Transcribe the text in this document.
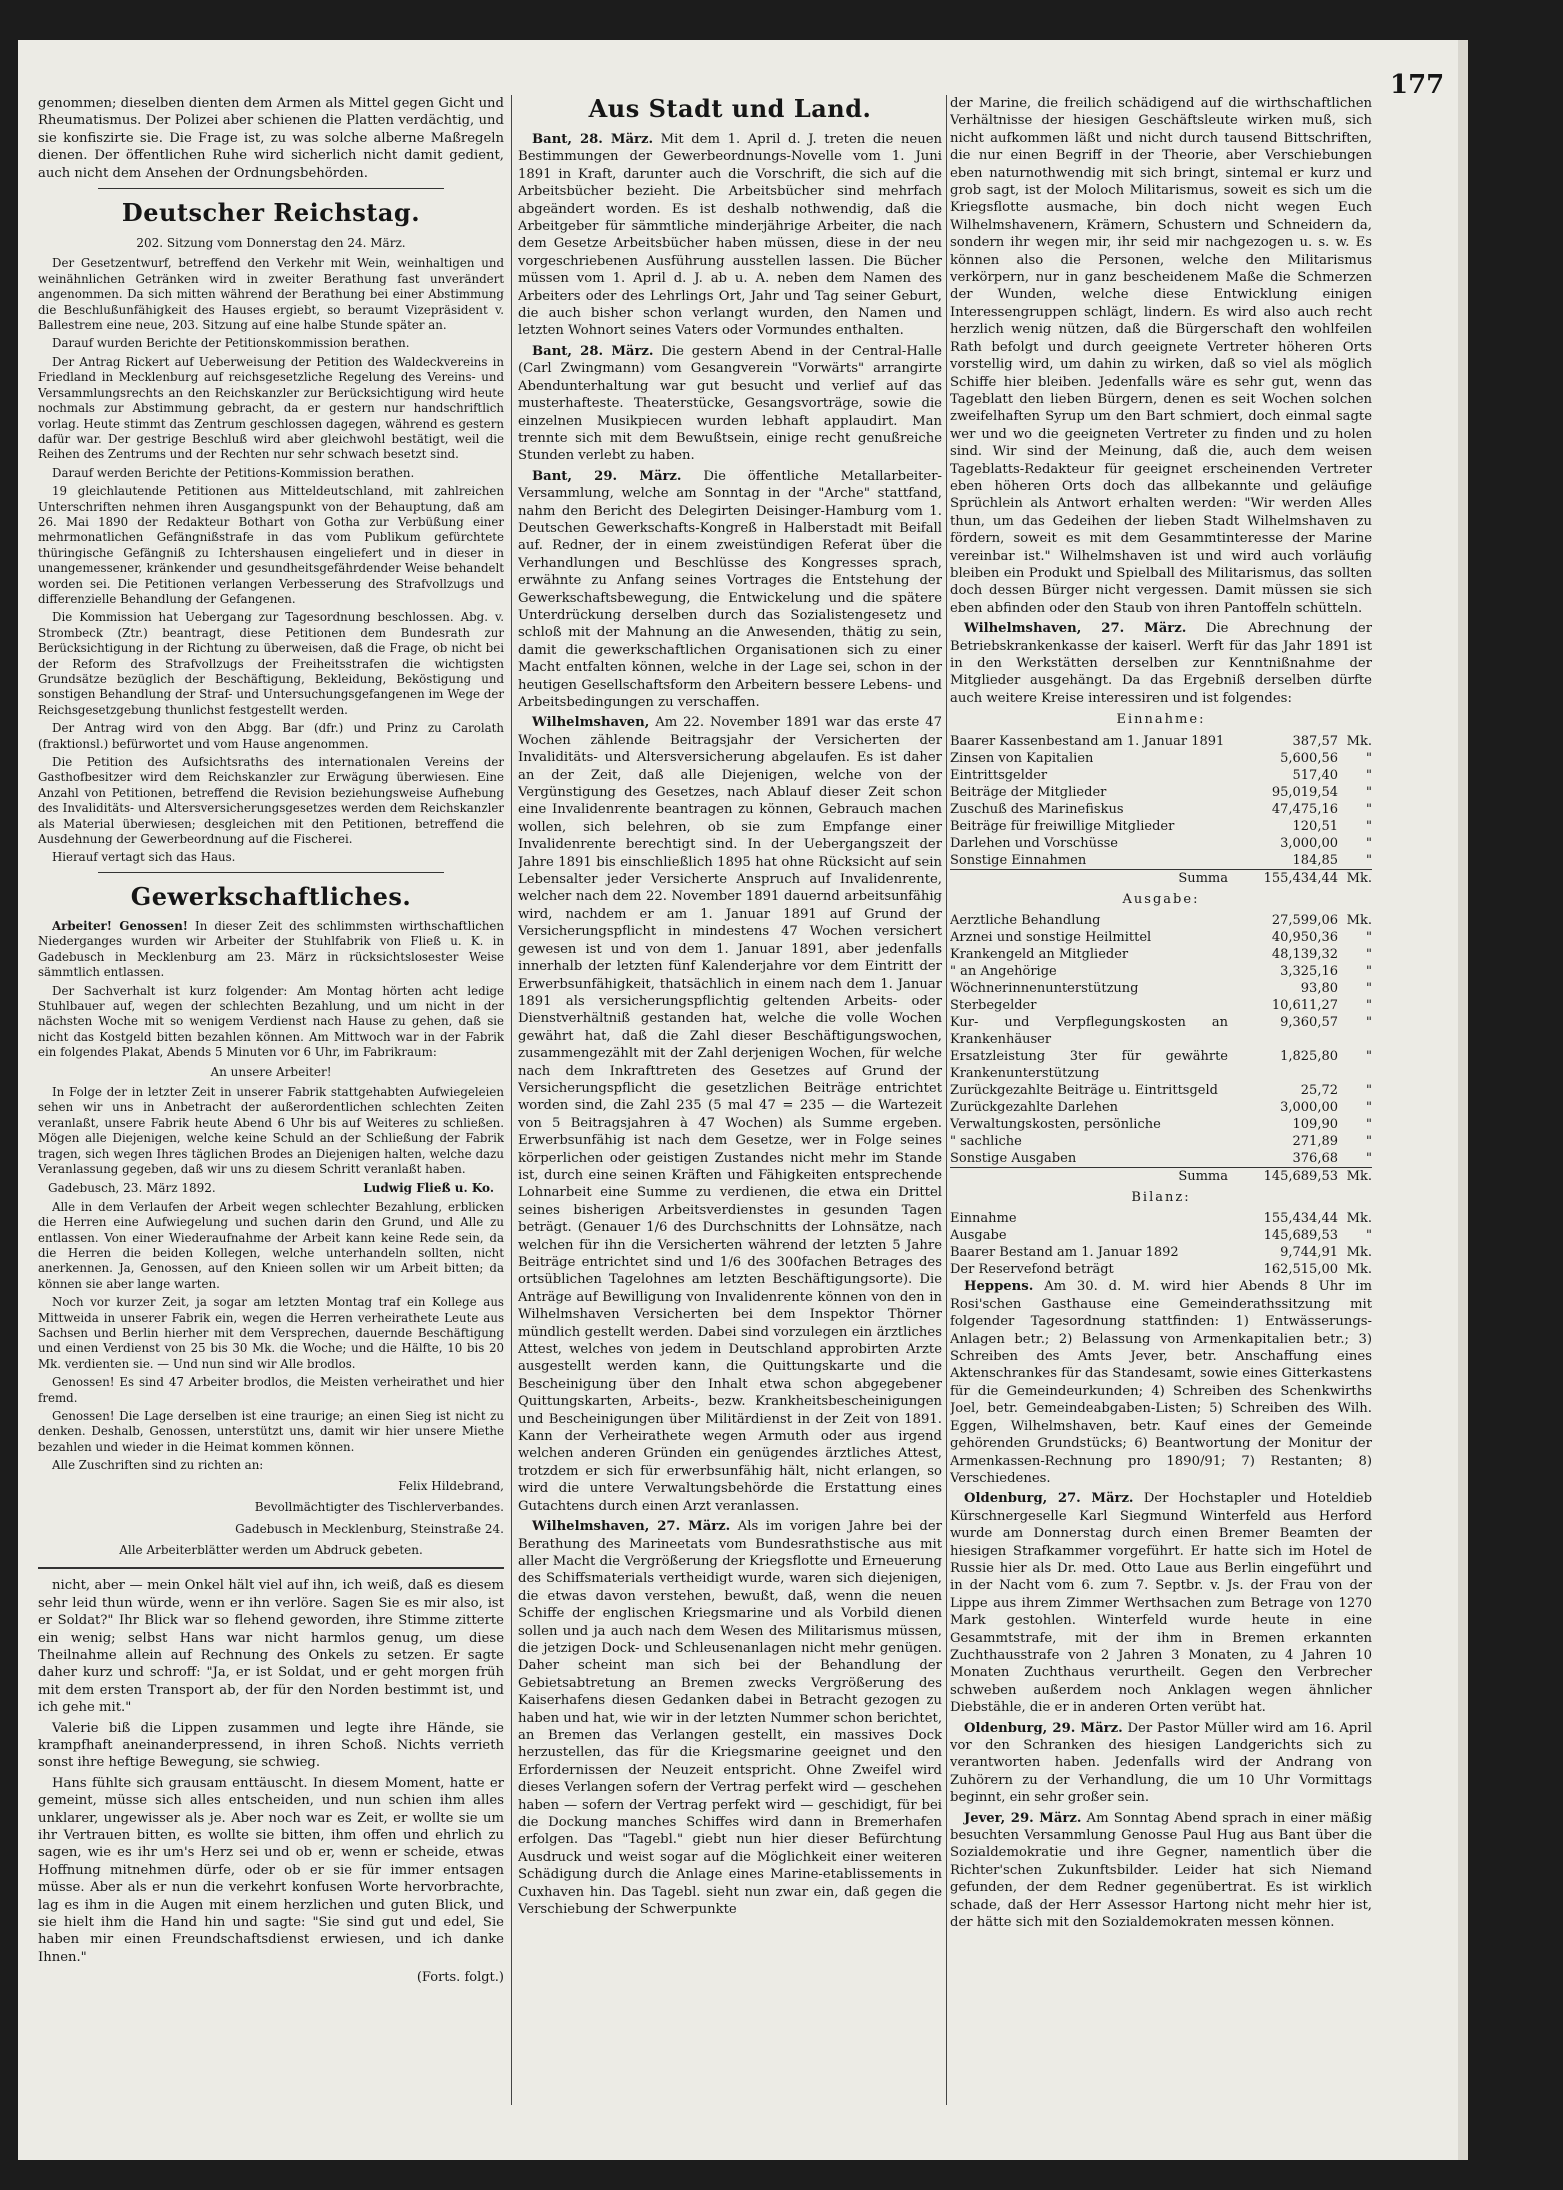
177

genommen; dieselben dienten dem Armen als Mittel gegen Gicht und Rheumatismus. Der Polizei aber schienen die Platten verdächtig, und sie konfiszirte sie. Die Frage ist, zu was solche alberne Maßregeln dienen. Der öffentlichen Ruhe wird sicherlich nicht damit gedient, auch nicht dem Ansehen der Ordnungsbehörden.

Deutscher Reichstag.
202. Sitzung vom Donnerstag den 24. März.

Der Gesetzentwurf, betreffend den Verkehr mit Wein, weinhaltigen und weinähnlichen Getränken wird in zweiter Berathung fast unverändert angenommen. Da sich mitten während der Berathung bei einer Abstimmung die Beschlußunfähigkeit des Hauses ergiebt, so beraumt Vizepräsident v. Ballestrem eine neue, 203. Sitzung auf eine halbe Stunde später an.

Darauf wurden Berichte der Petitionskommission berathen.

Der Antrag Rickert auf Ueberweisung der Petition des Waldeckvereins in Friedland in Mecklenburg auf reichsgesetzliche Regelung des Vereins- und Versammlungsrechts an den Reichskanzler zur Berücksichtigung wird heute nochmals zur Abstimmung gebracht, da er gestern nur handschriftlich vorlag. Heute stimmt das Zentrum geschlossen dagegen, während es gestern dafür war. Der gestrige Beschluß wird aber gleichwohl bestätigt, weil die Reihen des Zentrums und der Rechten nur sehr schwach besetzt sind.

Darauf werden Berichte der Petitions-Kommission berathen.

19 gleichlautende Petitionen aus Mitteldeutschland, mit zahlreichen Unterschriften nehmen ihren Ausgangspunkt von der Behauptung, daß am 26. Mai 1890 der Redakteur Bothart von Gotha zur Verbüßung einer mehrmonatlichen Gefängnißstrafe in das vom Publikum gefürchtete thüringische Gefängniß zu Ichtershausen eingeliefert und in dieser in unangemessener, kränkender und gesundheitsgefährdender Weise behandelt worden sei. Die Petitionen verlangen Verbesserung des Strafvollzugs und differenzielle Behandlung der Gefangenen.

Die Kommission hat Uebergang zur Tagesordnung beschlossen. Abg. v. Strombeck (Ztr.) beantragt, diese Petitionen dem Bundesrath zur Berücksichtigung in der Richtung zu überweisen, daß die Frage, ob nicht bei der Reform des Strafvollzugs der Freiheitsstrafen die wichtigsten Grundsätze bezüglich der Beschäftigung, Bekleidung, Beköstigung und sonstigen Behandlung der Straf- und Untersuchungsgefangenen im Wege der Reichsgesetzgebung thunlichst festgestellt werden.

Der Antrag wird von den Abgg. Bar (dfr.) und Prinz zu Carolath (fraktionsl.) befürwortet und vom Hause angenommen.

Die Petition des Aufsichtsraths des internationalen Vereins der Gasthofbesitzer wird dem Reichskanzler zur Erwägung überwiesen. Eine Anzahl von Petitionen, betreffend die Revision beziehungsweise Aufhebung des Invaliditäts- und Altersversicherungsgesetzes werden dem Reichskanzler als Material überwiesen; desgleichen mit den Petitionen, betreffend die Ausdehnung der Gewerbeordnung auf die Fischerei.

Hierauf vertagt sich das Haus.

Gewerkschaftliches.

Arbeiter! Genossen! In dieser Zeit des schlimmsten wirthschaftlichen Niederganges wurden wir Arbeiter der Stuhlfabrik von Fließ u. K. in Gadebusch in Mecklenburg am 23. März in rücksichtslosester Weise sämmtlich entlassen.

Der Sachverhalt ist kurz folgender: Am Montag hörten acht ledige Stuhlbauer auf, wegen der schlechten Bezahlung, und um nicht in der nächsten Woche mit so wenigem Verdienst nach Hause zu gehen, daß sie nicht das Kostgeld bitten bezahlen können. Am Mittwoch war in der Fabrik ein folgendes Plakat, Abends 5 Minuten vor 6 Uhr, im Fabrikraum:

An unsere Arbeiter!

In Folge der in letzter Zeit in unserer Fabrik stattgehabten Aufwiegeleien sehen wir uns in Anbetracht der außerordentlichen schlechten Zeiten veranlaßt, unsere Fabrik heute Abend 6 Uhr bis auf Weiteres zu schließen. Mögen alle Diejenigen, welche keine Schuld an der Schließung der Fabrik tragen, sich wegen Ihres täglichen Brodes an Diejenigen halten, welche dazu Veranlassung gegeben, daß wir uns zu diesem Schritt veranlaßt haben.

Gadebusch, 23. März 1892.	Ludwig Fließ u. Ko.

Alle in dem Verlaufen der Arbeit wegen schlechter Bezahlung, erblicken die Herren eine Aufwiegelung und suchen darin den Grund, und Alle zu entlassen. Von einer Wiederaufnahme der Arbeit kann keine Rede sein, da die Herren die beiden Kollegen, welche unterhandeln sollten, nicht anerkennen. Ja, Genossen, auf den Knieen sollen wir um Arbeit bitten; da können sie aber lange warten.

Noch vor kurzer Zeit, ja sogar am letzten Montag traf ein Kollege aus Mittweida in unserer Fabrik ein, wegen die Herren verheirathete Leute aus Sachsen und Berlin hierher mit dem Versprechen, dauernde Beschäftigung und einen Verdienst von 25 bis 30 Mk. die Woche; und die Hälfte, 10 bis 20 Mk. verdienten sie. — Und nun sind wir Alle brodlos.

Genossen! Es sind 47 Arbeiter brodlos, die Meisten verheirathet und hier fremd.

Genossen! Die Lage derselben ist eine traurige; an einen Sieg ist nicht zu denken. Deshalb, Genossen, unterstützt uns, damit wir hier unsere Miethe bezahlen und wieder in die Heimat kommen können.

Alle Zuschriften sind zu richten an:

Felix Hildebrand,
Bevollmächtigter des Tischlerverbandes.
Gadebusch in Mecklenburg, Steinstraße 24.
Alle Arbeiterblätter werden um Abdruck gebeten.

nicht, aber — mein Onkel hält viel auf ihn, ich weiß, daß es diesem sehr leid thun würde, wenn er ihn verlöre. Sagen Sie es mir also, ist er Soldat?" Ihr Blick war so flehend geworden, ihre Stimme zitterte ein wenig; selbst Hans war nicht harmlos genug, um diese Theilnahme allein auf Rechnung des Onkels zu setzen. Er sagte daher kurz und schroff: "Ja, er ist Soldat, und er geht morgen früh mit dem ersten Transport ab, der für den Norden bestimmt ist, und ich gehe mit."

Valerie biß die Lippen zusammen und legte ihre Hände, sie krampfhaft aneinanderpressend, in ihren Schoß. Nichts verrieth sonst ihre heftige Bewegung, sie schwieg.

Hans fühlte sich grausam enttäuscht. In diesem Moment, hatte er gemeint, müsse sich alles entscheiden, und nun schien ihm alles unklarer, ungewisser als je. Aber noch war es Zeit, er wollte sie um ihr Vertrauen bitten, es wollte sie bitten, ihm offen und ehrlich zu sagen, wie es ihr um's Herz sei und ob er, wenn er scheide, etwas Hoffnung mitnehmen dürfe, oder ob er sie für immer entsagen müsse. Aber als er nun die verkehrt konfusen Worte hervorbrachte, lag es ihm in die Augen mit einem herzlichen und guten Blick, und sie hielt ihm die Hand hin und sagte: "Sie sind gut und edel, Sie haben mir einen Freundschaftsdienst erwiesen, und ich danke Ihnen."

(Forts. folgt.)
Aus Stadt und Land.

Bant, 28. März. Mit dem 1. April d. J. treten die neuen Bestimmungen der Gewerbeordnungs-Novelle vom 1. Juni 1891 in Kraft, darunter auch die Vorschrift, die sich auf die Arbeitsbücher bezieht. Die Arbeitsbücher sind mehrfach abgeändert worden. Es ist deshalb nothwendig, daß die Arbeitgeber für sämmtliche minderjährige Arbeiter, die nach dem Gesetze Arbeitsbücher haben müssen, diese in der neu vorgeschriebenen Ausführung ausstellen lassen. Die Bücher müssen vom 1. April d. J. ab u. A. neben dem Namen des Arbeiters oder des Lehrlings Ort, Jahr und Tag seiner Geburt, die auch bisher schon verlangt wurden, den Namen und letzten Wohnort seines Vaters oder Vormundes enthalten.

Bant, 28. März. Die gestern Abend in der Central-Halle (Carl Zwingmann) vom Gesangverein "Vorwärts" arrangirte Abendunterhaltung war gut besucht und verlief auf das musterhafteste. Theaterstücke, Gesangsvorträge, sowie die einzelnen Musikpiecen wurden lebhaft applaudirt. Man trennte sich mit dem Bewußtsein, einige recht genußreiche Stunden verlebt zu haben.

Bant, 29. März. Die öffentliche Metallarbeiter-Versammlung, welche am Sonntag in der "Arche" stattfand, nahm den Bericht des Delegirten Deisinger-Hamburg vom 1. Deutschen Gewerkschafts-Kongreß in Halberstadt mit Beifall auf. Redner, der in einem zweistündigen Referat über die Verhandlungen und Beschlüsse des Kongresses sprach, erwähnte zu Anfang seines Vortrages die Entstehung der Gewerkschaftsbewegung, die Entwickelung und die spätere Unterdrückung derselben durch das Sozialistengesetz und schloß mit der Mahnung an die Anwesenden, thätig zu sein, damit die gewerkschaftlichen Organisationen sich zu einer Macht entfalten können, welche in der Lage sei, schon in der heutigen Gesellschaftsform den Arbeitern bessere Lebens- und Arbeitsbedingungen zu verschaffen.

Wilhelmshaven, Am 22. November 1891 war das erste 47 Wochen zählende Beitragsjahr der Versicherten der Invaliditäts- und Altersversicherung abgelaufen. Es ist daher an der Zeit, daß alle Diejenigen, welche von der Vergünstigung des Gesetzes, nach Ablauf dieser Zeit schon eine Invalidenrente beantragen zu können, Gebrauch machen wollen, sich belehren, ob sie zum Empfange einer Invalidenrente berechtigt sind. In der Uebergangszeit der Jahre 1891 bis einschließlich 1895 hat ohne Rücksicht auf sein Lebensalter jeder Versicherte Anspruch auf Invalidenrente, welcher nach dem 22. November 1891 dauernd arbeitsunfähig wird, nachdem er am 1. Januar 1891 auf Grund der Versicherungspflicht in mindestens 47 Wochen versichert gewesen ist und von dem 1. Januar 1891, aber jedenfalls innerhalb der letzten fünf Kalenderjahre vor dem Eintritt der Erwerbsunfähigkeit, thatsächlich in einem nach dem 1. Januar 1891 als versicherungspflichtig geltenden Arbeits- oder Dienstverhältniß gestanden hat, welche die volle Wochen gewährt hat, daß die Zahl dieser Beschäftigungswochen, zusammengezählt mit der Zahl derjenigen Wochen, für welche nach dem Inkrafttreten des Gesetzes auf Grund der Versicherungspflicht die gesetzlichen Beiträge entrichtet worden sind, die Zahl 235 (5 mal 47 = 235 — die Wartezeit von 5 Beitragsjahren à 47 Wochen) als Summe ergeben. Erwerbsunfähig ist nach dem Gesetze, wer in Folge seines körperlichen oder geistigen Zustandes nicht mehr im Stande ist, durch eine seinen Kräften und Fähigkeiten entsprechende Lohnarbeit eine Summe zu verdienen, die etwa ein Drittel seines bisherigen Arbeitsverdienstes in gesunden Tagen beträgt. (Genauer 1/6 des Durchschnitts der Lohnsätze, nach welchen für ihn die Versicherten während der letzten 5 Jahre Beiträge entrichtet sind und 1/6 des 300fachen Betrages des ortsüblichen Tagelohnes am letzten Beschäftigungsorte). Die Anträge auf Bewilligung von Invalidenrente können von den in Wilhelmshaven Versicherten bei dem Inspektor Thörner mündlich gestellt werden. Dabei sind vorzulegen ein ärztliches Attest, welches von jedem in Deutschland approbirten Arzte ausgestellt werden kann, die Quittungskarte und die Bescheinigung über den Inhalt etwa schon abgegebener Quittungskarten, Arbeits-, bezw. Krankheitsbescheinigungen und Bescheinigungen über Militärdienst in der Zeit von 1891. Kann der Verheirathete wegen Armuth oder aus irgend welchen anderen Gründen ein genügendes ärztliches Attest, trotzdem er sich für erwerbsunfähig hält, nicht erlangen, so wird die untere Verwaltungsbehörde die Erstattung eines Gutachtens durch einen Arzt veranlassen.

Wilhelmshaven, 27. März. Als im vorigen Jahre bei der Berathung des Marineetats vom Bundesrathstische aus mit aller Macht die Vergrößerung der Kriegsflotte und Erneuerung des Schiffsmaterials vertheidigt wurde, waren sich diejenigen, die etwas davon verstehen, bewußt, daß, wenn die neuen Schiffe der englischen Kriegsmarine und als Vorbild dienen sollen und ja auch nach dem Wesen des Militarismus müssen, die jetzigen Dock- und Schleusenanlagen nicht mehr genügen. Daher scheint man sich bei der Behandlung der Gebietsabtretung an Bremen zwecks Vergrößerung des Kaiserhafens diesen Gedanken dabei in Betracht gezogen zu haben und hat, wie wir in der letzten Nummer schon berichtet, an Bremen das Verlangen gestellt, ein massives Dock herzustellen, das für die Kriegsmarine geeignet und den Erfordernissen der Neuzeit entspricht. Ohne Zweifel wird dieses Verlangen sofern der Vertrag perfekt wird — geschehen haben — sofern der Vertrag perfekt wird — geschidigt, für bei die Dockung manches Schiffes wird dann in Bremerhafen erfolgen. Das "Tagebl." giebt nun hier dieser Befürchtung Ausdruck und weist sogar auf die Möglichkeit einer weiteren Schädigung durch die Anlage eines Marine-etablissements in Cuxhaven hin. Das Tagebl. sieht nun zwar ein, daß gegen die Verschiebung der Schwerpunkte

der Marine, die freilich schädigend auf die wirthschaftlichen Verhältnisse der hiesigen Geschäftsleute wirken muß, sich nicht aufkommen läßt und nicht durch tausend Bittschriften, die nur einen Begriff in der Theorie, aber Verschiebungen eben naturnothwendig mit sich bringt, sintemal er kurz und grob sagt, ist der Moloch Militarismus, soweit es sich um die Kriegsflotte ausmache, bin doch nicht wegen Euch Wilhelmshavenern, Krämern, Schustern und Schneidern da, sondern ihr wegen mir, ihr seid mir nachgezogen u. s. w. Es können also die Personen, welche den Militarismus verkörpern, nur in ganz bescheidenem Maße die Schmerzen der Wunden, welche diese Entwicklung einigen Interessengruppen schlägt, lindern. Es wird also auch recht herzlich wenig nützen, daß die Bürgerschaft den wohlfeilen Rath befolgt und durch geeignete Vertreter höheren Orts vorstellig wird, um dahin zu wirken, daß so viel als möglich Schiffe hier bleiben. Jedenfalls wäre es sehr gut, wenn das Tageblatt den lieben Bürgern, denen es seit Wochen solchen zweifelhaften Syrup um den Bart schmiert, doch einmal sagte wer und wo die geeigneten Vertreter zu finden und zu holen sind. Wir sind der Meinung, daß die, auch dem weisen Tageblatts-Redakteur für geeignet erscheinenden Vertreter eben höheren Orts doch das allbekannte und geläufige Sprüchlein als Antwort erhalten werden: "Wir werden Alles thun, um das Gedeihen der lieben Stadt Wilhelmshaven zu fördern, soweit es mit dem Gesammtinteresse der Marine vereinbar ist." Wilhelmshaven ist und wird auch vorläufig bleiben ein Produkt und Spielball des Militarismus, das sollten doch dessen Bürger nicht vergessen. Damit müssen sie sich eben abfinden oder den Staub von ihren Pantoffeln schütteln.

Wilhelmshaven, 27. März. Die Abrechnung der Betriebskrankenkasse der kaiserl. Werft für das Jahr 1891 ist in den Werkstätten derselben zur Kenntnißnahme der Mitglieder ausgehängt. Da das Ergebniß derselben dürfte auch weitere Kreise interessiren und ist folgendes:

Einnahme:
Baarer Kassenbestand am 1. Januar 1891	387,57	Mk.
Zinsen von Kapitalien	5,600,56	"
Eintrittsgelder	517,40	"
Beiträge der Mitglieder	95,019,54	"
Zuschuß des Marinefiskus	47,475,16	"
Beiträge für freiwillige Mitglieder	120,51	"
Darlehen und Vorschüsse	3,000,00	"
Sonstige Einnahmen	184,85	"
Summa	155,434,44	Mk.
Ausgabe:
Aerztliche Behandlung	27,599,06	Mk.
Arznei und sonstige Heilmittel	40,950,36	"
Krankengeld an Mitglieder	48,139,32	"
" an Angehörige	3,325,16	"
Wöchnerinnenunterstützung	93,80	"
Sterbegelder	10,611,27	"
Kur- und Verpflegungskosten an Krankenhäuser	9,360,57	"
Ersatzleistung 3ter für gewährte Krankenunterstützung	1,825,80	"
Zurückgezahlte Beiträge u. Eintrittsgeld	25,72	"
Zurückgezahlte Darlehen	3,000,00	"
Verwaltungskosten, persönliche	109,90	"
" sachliche	271,89	"
Sonstige Ausgaben	376,68	"
Summa	145,689,53	Mk.
Bilanz:
Einnahme	155,434,44	Mk.
Ausgabe	145,689,53	"
Baarer Bestand am 1. Januar 1892	9,744,91	Mk.
Der Reservefond beträgt	162,515,00	Mk.

Heppens. Am 30. d. M. wird hier Abends 8 Uhr im Rosi'schen Gasthause eine Gemeinderathssitzung mit folgender Tagesordnung stattfinden: 1) Entwässerungs-Anlagen betr.; 2) Belassung von Armenkapitalien betr.; 3) Schreiben des Amts Jever, betr. Anschaffung eines Aktenschrankes für das Standesamt, sowie eines Gitterkastens für die Gemeindeurkunden; 4) Schreiben des Schenkwirths Joel, betr. Gemeindeabgaben-Listen; 5) Schreiben des Wilh. Eggen, Wilhelmshaven, betr. Kauf eines der Gemeinde gehörenden Grundstücks; 6) Beantwortung der Monitur der Armenkassen-Rechnung pro 1890/91; 7) Restanten; 8) Verschiedenes.

Oldenburg, 27. März. Der Hochstapler und Hoteldieb Kürschnergeselle Karl Siegmund Winterfeld aus Herford wurde am Donnerstag durch einen Bremer Beamten der hiesigen Strafkammer vorgeführt. Er hatte sich im Hotel de Russie hier als Dr. med. Otto Laue aus Berlin eingeführt und in der Nacht vom 6. zum 7. Septbr. v. Js. der Frau von der Lippe aus ihrem Zimmer Werthsachen zum Betrage von 1270 Mark gestohlen. Winterfeld wurde heute in eine Gesammtstrafe, mit der ihm in Bremen erkannten Zuchthausstrafe von 2 Jahren 3 Monaten, zu 4 Jahren 10 Monaten Zuchthaus verurtheilt. Gegen den Verbrecher schweben außerdem noch Anklagen wegen ähnlicher Diebstähle, die er in anderen Orten verübt hat.

Oldenburg, 29. März. Der Pastor Müller wird am 16. April vor den Schranken des hiesigen Landgerichts sich zu verantworten haben. Jedenfalls wird der Andrang von Zuhörern zu der Verhandlung, die um 10 Uhr Vormittags beginnt, ein sehr großer sein.

Jever, 29. März. Am Sonntag Abend sprach in einer mäßig besuchten Versammlung Genosse Paul Hug aus Bant über die Sozialdemokratie und ihre Gegner, namentlich über die Richter'schen Zukunftsbilder. Leider hat sich Niemand gefunden, der dem Redner gegenübertrat. Es ist wirklich schade, daß der Herr Assessor Hartong nicht mehr hier ist, der hätte sich mit den Sozialdemokraten messen können.
